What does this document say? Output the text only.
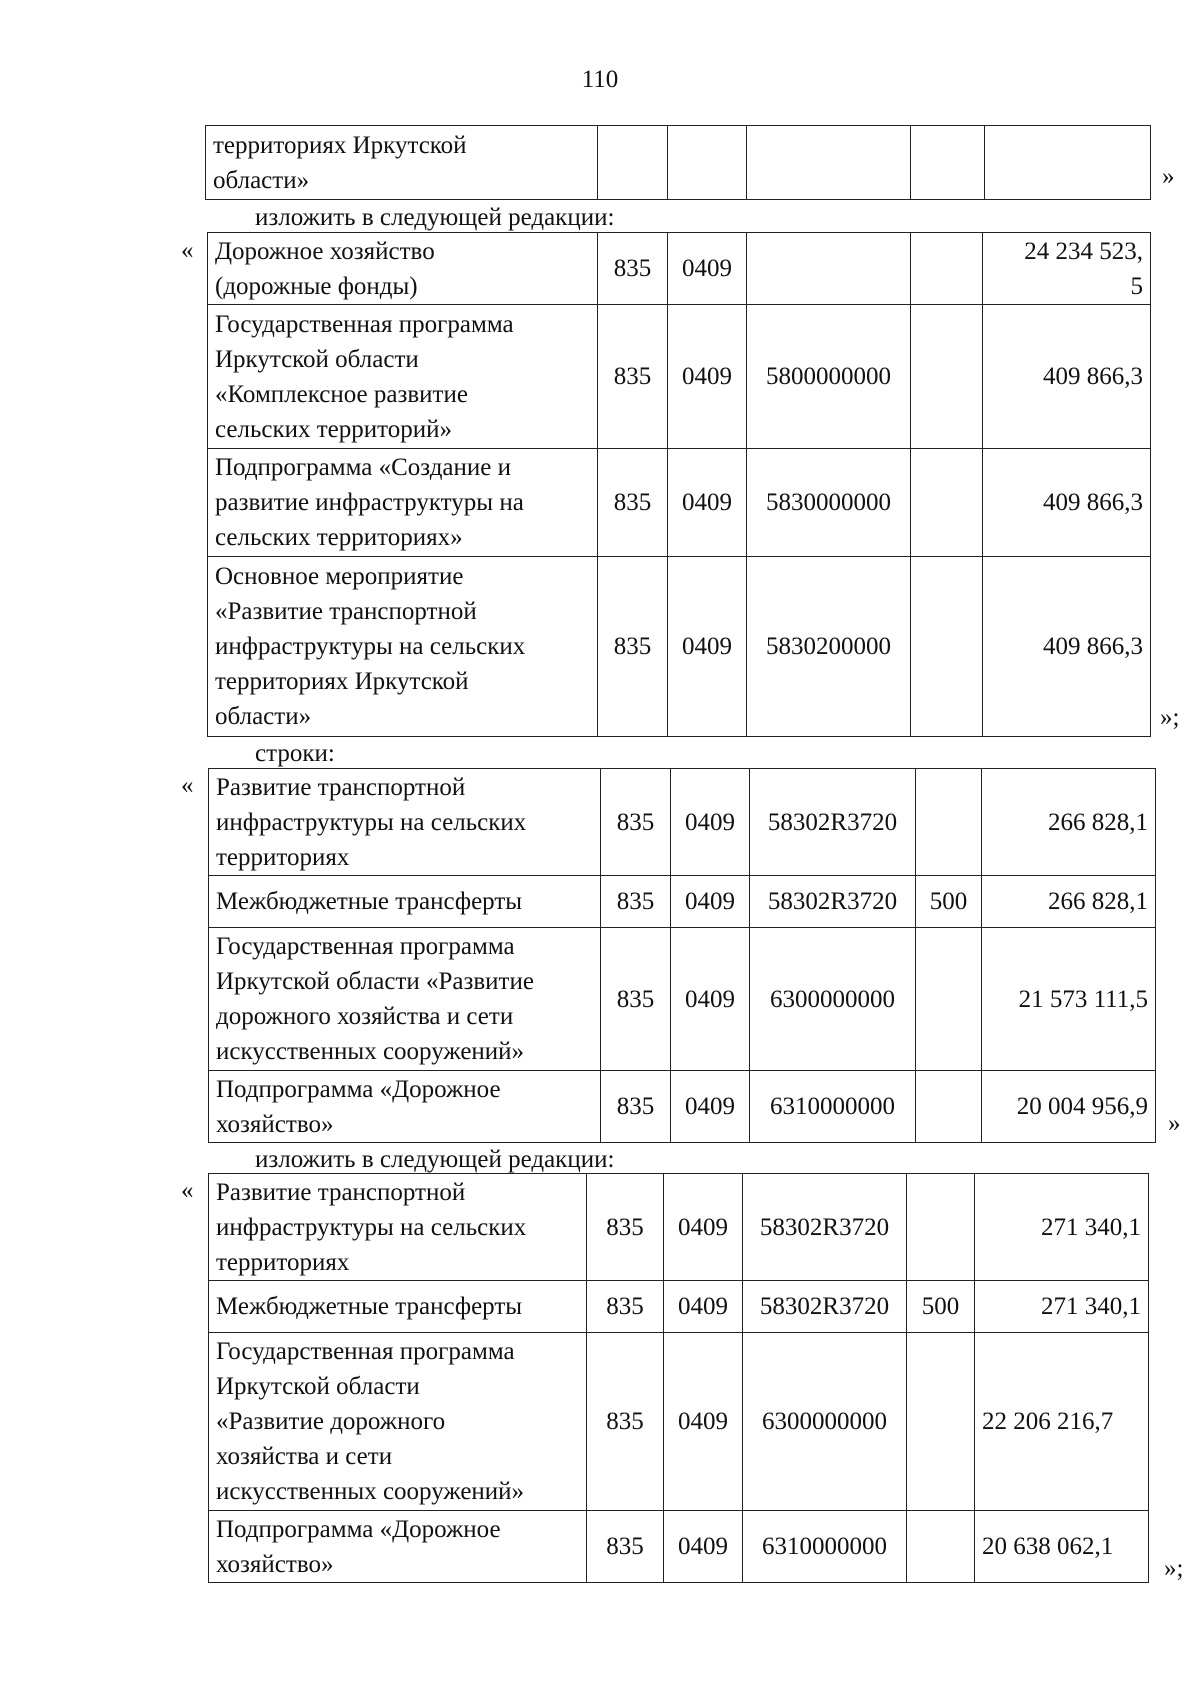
110
территориях Иркутской
области»
						»
изложить в следующей редакции:
« Дорожное хозяйство
(дорожные фонды)	835	0409			24 234 523,
5

Государственная программа
Иркутской области
«Комплексное развитие
сельских территорий»	835	0409	5800000000		409 866,3

Подпрограмма «Создание и
развитие инфраструктуры на
сельских территориях»	835	0409	5830000000		409 866,3

Основное мероприятие
«Развитие транспортной
инфраструктуры на сельских
территориях Иркутской
области»	835	0409	5830200000		409 866,3
»;
строки:
« Развитие транспортной
инфраструктуры на сельских
территориях	835	0409	58302R3720		266 828,1

Межбюджетные трансферты	835	0409	58302R3720	500	266 828,1

Государственная программа
Иркутской области «Развитие
дорожного хозяйства и сети
искусственных сооружений»	835	0409	6300000000		21 573 111,5

Подпрограмма «Дорожное
хозяйство»	835	0409	6310000000		20 004 956,9
»
изложить в следующей редакции:
« Развитие транспортной
инфраструктуры на сельских
территориях	835	0409	58302R3720		271 340,1

Межбюджетные трансферты	835	0409	58302R3720	500	271 340,1

Государственная программа
Иркутской области
«Развитие дорожного
хозяйства и сети
искусственных сооружений»	835	0409	6300000000		22 206 216,7

Подпрограмма «Дорожное
хозяйство»	835	0409	6310000000		20 638 062,1
»;
